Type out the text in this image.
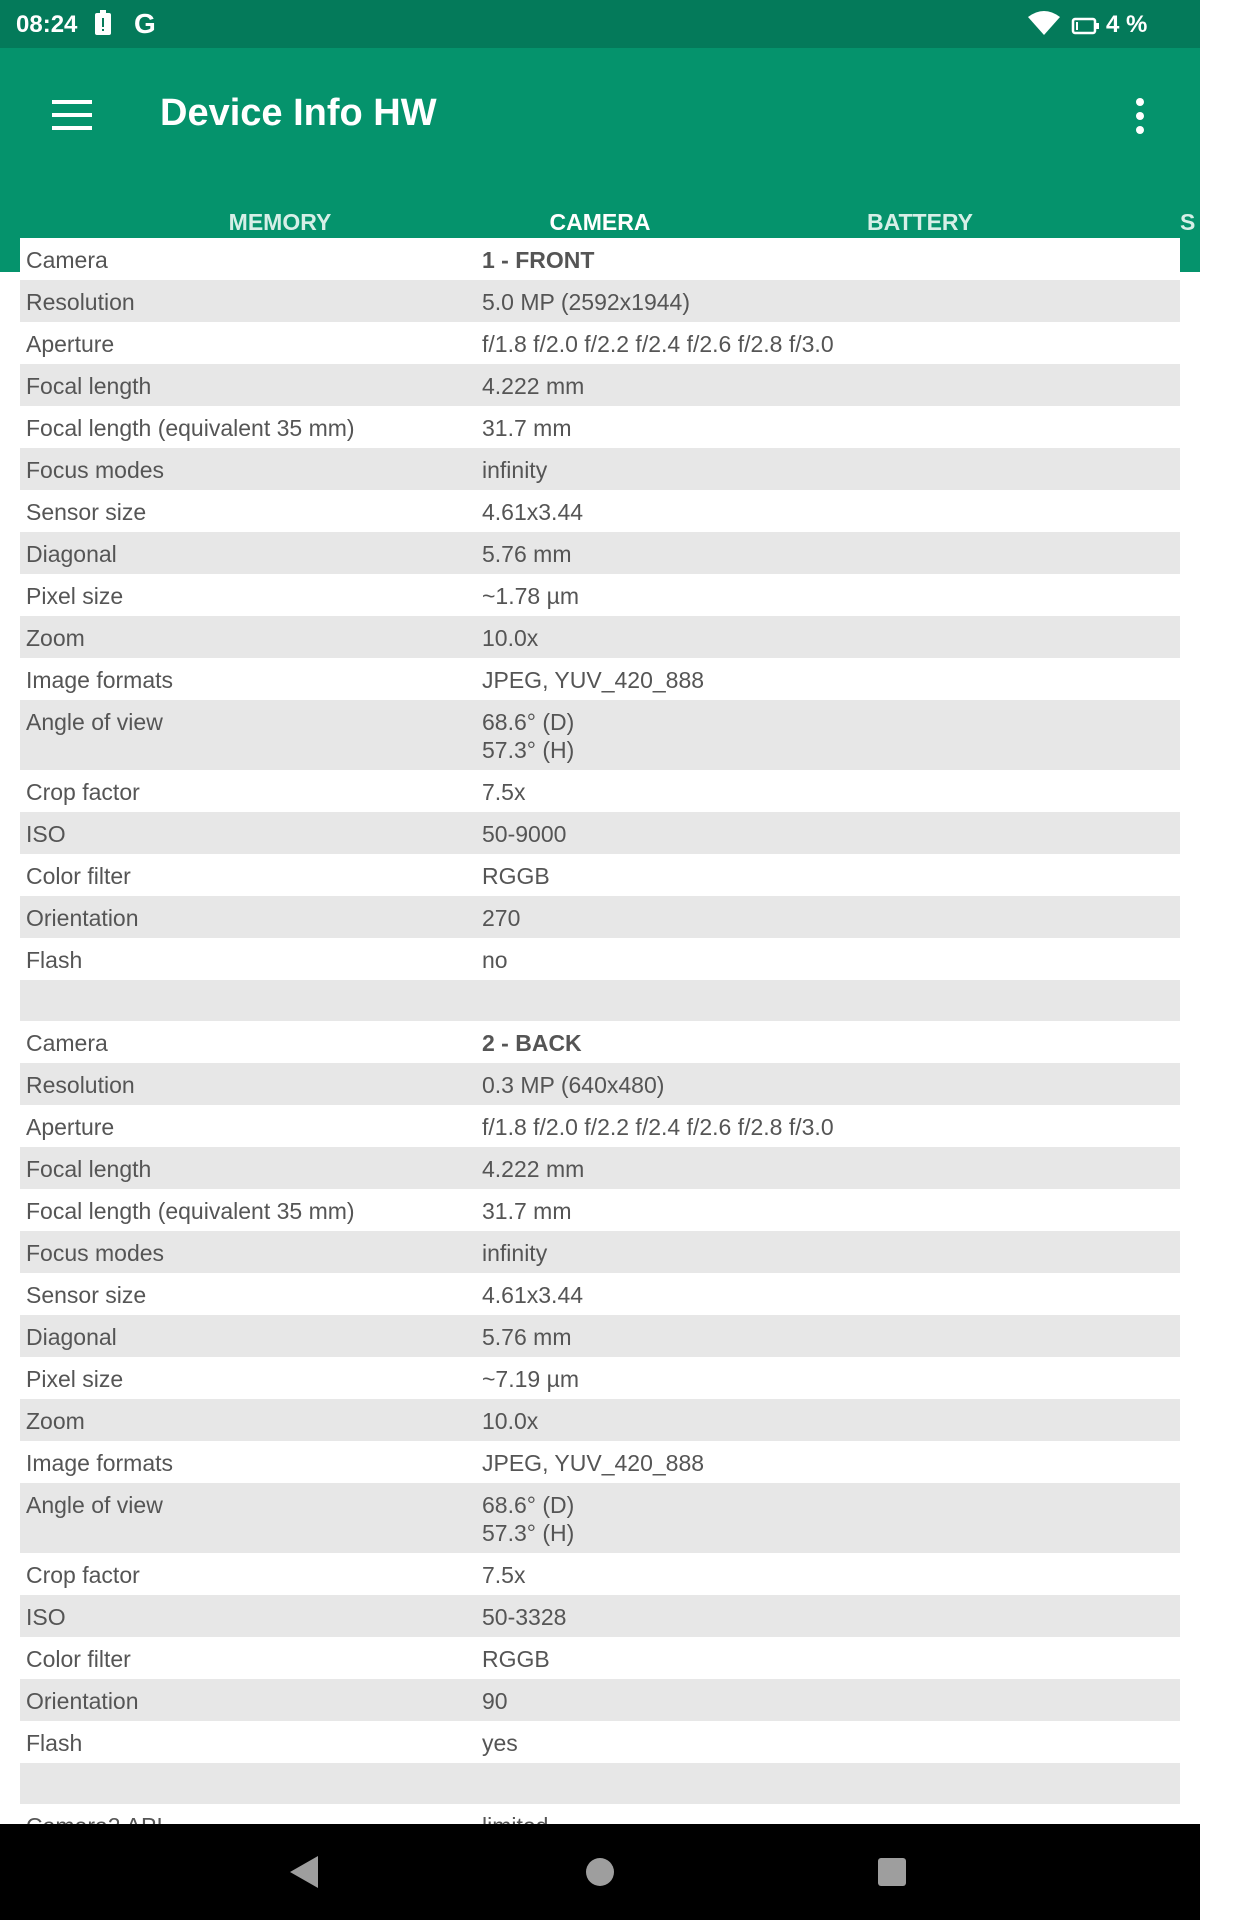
08:24 G	4 %
Device Info HW
MEMORY	CAMERA	BATTERY	S
Camera	1 - FRONT
Resolution	5.0 MP (2592x1944)
Aperture	f/1.8 f/2.0 f/2.2 f/2.4 f/2.6 f/2.8 f/3.0
Focal length	4.222 mm
Focal length (equivalent 35 mm)	31.7 mm
Focus modes	infinity
Sensor size	4.61x3.44
Diagonal	5.76 mm
Pixel size	~1.78 µm
Zoom	10.0x
Image formats	JPEG, YUV_420_888
Angle of view	68.6° (D)
57.3° (H)
Crop factor	7.5x
ISO	50-9000
Color filter	RGGB
Orientation	270
Flash	no
Camera	2 - BACK
Resolution	0.3 MP (640x480)
Aperture	f/1.8 f/2.0 f/2.2 f/2.4 f/2.6 f/2.8 f/3.0
Focal length	4.222 mm
Focal length (equivalent 35 mm)	31.7 mm
Focus modes	infinity
Sensor size	4.61x3.44
Diagonal	5.76 mm
Pixel size	~7.19 µm
Zoom	10.0x
Image formats	JPEG, YUV_420_888
Angle of view	68.6° (D)
57.3° (H)
Crop factor	7.5x
ISO	50-3328
Color filter	RGGB
Orientation	90
Flash	yes
